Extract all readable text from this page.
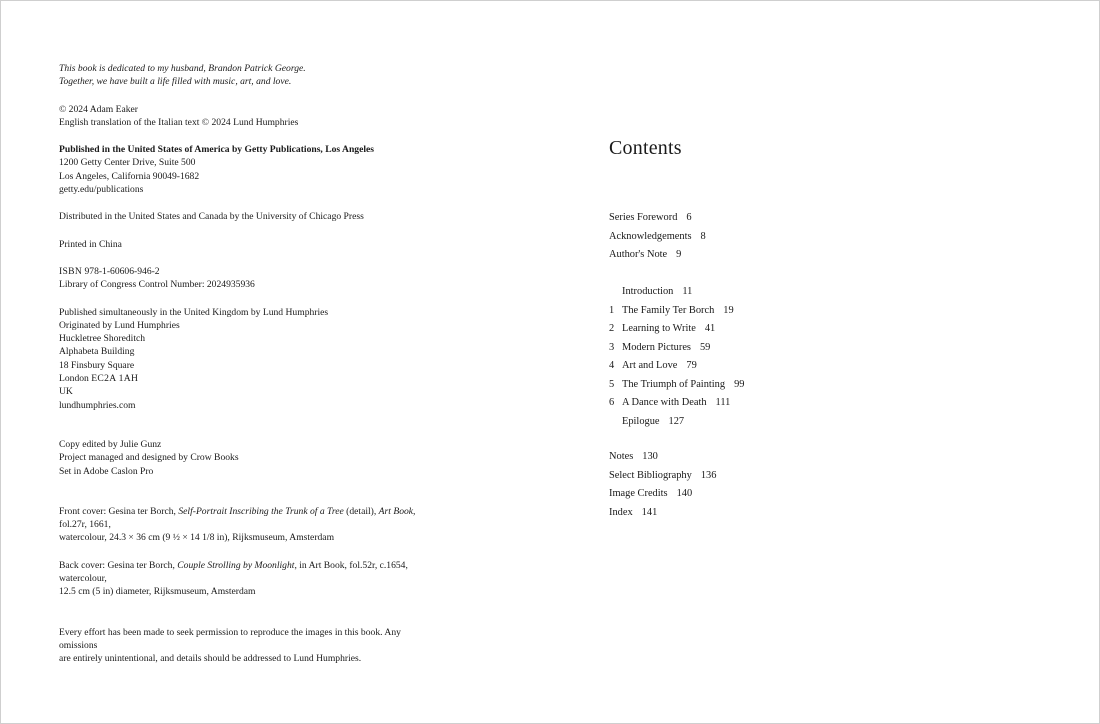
This book is dedicated to my husband, Brandon Patrick George.

Together, we have built a life filled with music, art, and love.

© 2024 Adam Eaker

English translation of the Italian text © 2024 Lund Humphries

Published in the United States of America by Getty Publications, Los Angeles

1200 Getty Center Drive, Suite 500

Los Angeles, California 90049-1682

getty.edu/publications

Distributed in the United States and Canada by the University of Chicago Press

Printed in China

ISBN 978-1-60606-946-2

Library of Congress Control Number: 2024935936

Published simultaneously in the United Kingdom by Lund Humphries

Originated by Lund Humphries

Huckletree Shoreditch

Alphabeta Building

18 Finsbury Square

London EC2A 1AH

UK

lundhumphries.com

Copy edited by Julie Gunz

Project managed and designed by Crow Books

Set in Adobe Caslon Pro

Front cover: Gesina ter Borch, Self-Portrait Inscribing the Trunk of a Tree (detail), Art Book, fol.27r, 1661,

watercolour, 24.3 × 36 cm (9 ½ × 14 1/8 in), Rijksmuseum, Amsterdam

Back cover: Gesina ter Borch, Couple Strolling by Moonlight, in Art Book, fol.52r, c.1654, watercolour,

12.5 cm (5 in) diameter, Rijksmuseum, Amsterdam

Every effort has been made to seek permission to reproduce the images in this book. Any omissions

are entirely unintentional, and details should be addressed to Lund Humphries.

Contents
Series Foreword 6
Acknowledgements 8
Author's Note 9
Introduction 11
1 The Family Ter Borch 19
2 Learning to Write 41
3 Modern Pictures 59
4 Art and Love 79
5 The Triumph of Painting 99
6 A Dance with Death 111
Epilogue 127
Notes 130
Select Bibliography 136
Image Credits 140
Index 141
